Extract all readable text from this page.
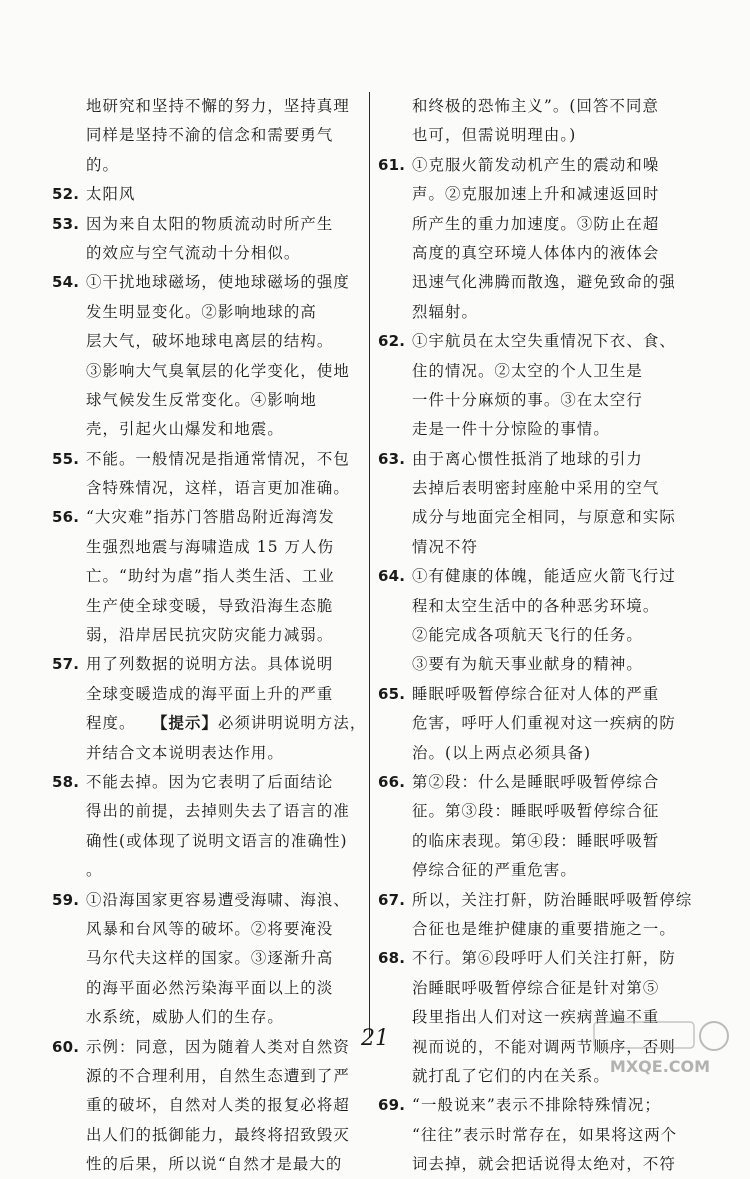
地研究和坚持不懈的努力，坚持真理
同样是坚持不渝的信念和需要勇气
的。
52. 太阳风
53. 因为来自太阳的物质流动时所产生
的效应与空气流动十分相似。
54. ①干扰地球磁场，使地球磁场的强度
发生明显变化。②影响地球的高
层大气，破坏地球电离层的结构。
③影响大气臭氧层的化学变化，使地
球气候发生反常变化。④影响地
壳，引起火山爆发和地震。
55. 不能。一般情况是指通常情况，不包
含特殊情况，这样，语言更加准确。
56. “大灾难”指苏门答腊岛附近海湾发
生强烈地震与海啸造成 15 万人伤
亡。“助纣为虐”指人类生活、工业
生产使全球变暖，导致沿海生态脆
弱，沿岸居民抗灾防灾能力减弱。
57. 用了列数据的说明方法。具体说明
全球变暖造成的海平面上升的严重
程度。  【提示】必须讲明说明方法，
并结合文本说明表达作用。
58. 不能去掉。因为它表明了后面结论
得出的前提，去掉则失去了语言的准
确性(或体现了说明文语言的准确性)
。
59. ①沿海国家更容易遭受海啸、海浪、
风暴和台风等的破坏。②将要淹没
马尔代夫这样的国家。③逐渐升高
的海平面必然污染海平面以上的淡
水系统，威胁人们的生存。
60. 示例：同意，因为随着人类对自然资
源的不合理利用，自然生态遭到了严
重的破坏，自然对人类的报复必将超
出人们的抵御能力，最终将招致毁灭
性的后果，所以说“自然才是最大的
和终极的恐怖主义”。(回答不同意
也可，但需说明理由。)
61. ①克服火箭发动机产生的震动和噪
声。②克服加速上升和减速返回时
所产生的重力加速度。③防止在超
高度的真空环境人体体内的液体会
迅速气化沸腾而散逸，避免致命的强
烈辐射。
62. ①宇航员在太空失重情况下衣、食、
住的情况。②太空的个人卫生是
一件十分麻烦的事。③在太空行
走是一件十分惊险的事情。
63. 由于离心惯性抵消了地球的引力
去掉后表明密封座舱中采用的空气
成分与地面完全相同，与原意和实际
情况不符
64. ①有健康的体魄，能适应火箭飞行过
程和太空生活中的各种恶劣环境。
②能完成各项航天飞行的任务。
③要有为航天事业献身的精神。
65. 睡眠呼吸暂停综合征对人体的严重
危害，呼吁人们重视对这一疾病的防
治。(以上两点必须具备)
66. 第②段：什么是睡眠呼吸暂停综合
征。第③段：睡眠呼吸暂停综合征
的临床表现。第④段：睡眠呼吸暂
停综合征的严重危害。
67. 所以，关注打鼾，防治睡眠呼吸暂停综
合征也是维护健康的重要措施之一。
68. 不行。第⑥段呼吁人们关注打鼾，防
治睡眠呼吸暂停综合征是针对第⑤
段里指出人们对这一疾病普遍不重
视而说的，不能对调两节顺序，否则
就打乱了它们的内在关系。
69. “一般说来”表示不排除特殊情况；
“往往”表示时常存在，如果将这两个
词去掉，就会把话说得太绝对，不符
21
MXQE.COM
